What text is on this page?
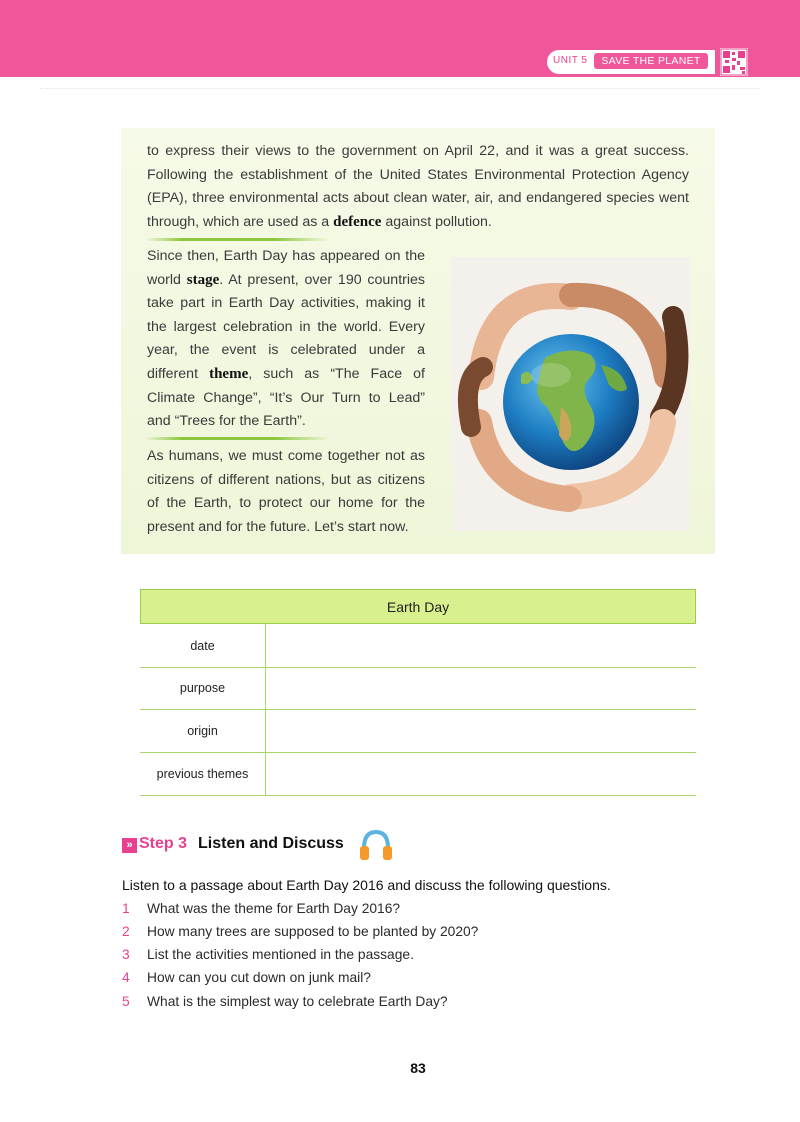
UNIT 5	SAVE THE PLANET

to express their views to the government on April 22, and it was a great success. Following the establishment of the United States Environmental Protection Agency (EPA), three environmental acts about clean water, air, and endangered species went through, which are used as a defence against pollution.

Since then, Earth Day has appeared on the world stage. At present, over 190 countries take part in Earth Day activities, making it the largest celebration in the world. Every year, the event is celebrated under a different theme, such as “The Face of Climate Change”, “It’s Our Turn to Lead” and “Trees for the Earth”.

As humans, we must come together not as citizens of different nations, but as citizens of the Earth, to protect our home for the present and for the future. Let’s start now.

Earth Day
date
purpose
origin
previous themes
» Step 3 Listen and Discuss
Listen to a passage about Earth Day 2016 and discuss the following questions.
1 What was the theme for Earth Day 2016?
2 How many trees are supposed to be planted by 2020?
3 List the activities mentioned in the passage.
4 How can you cut down on junk mail?
5 What is the simplest way to celebrate Earth Day?
83
